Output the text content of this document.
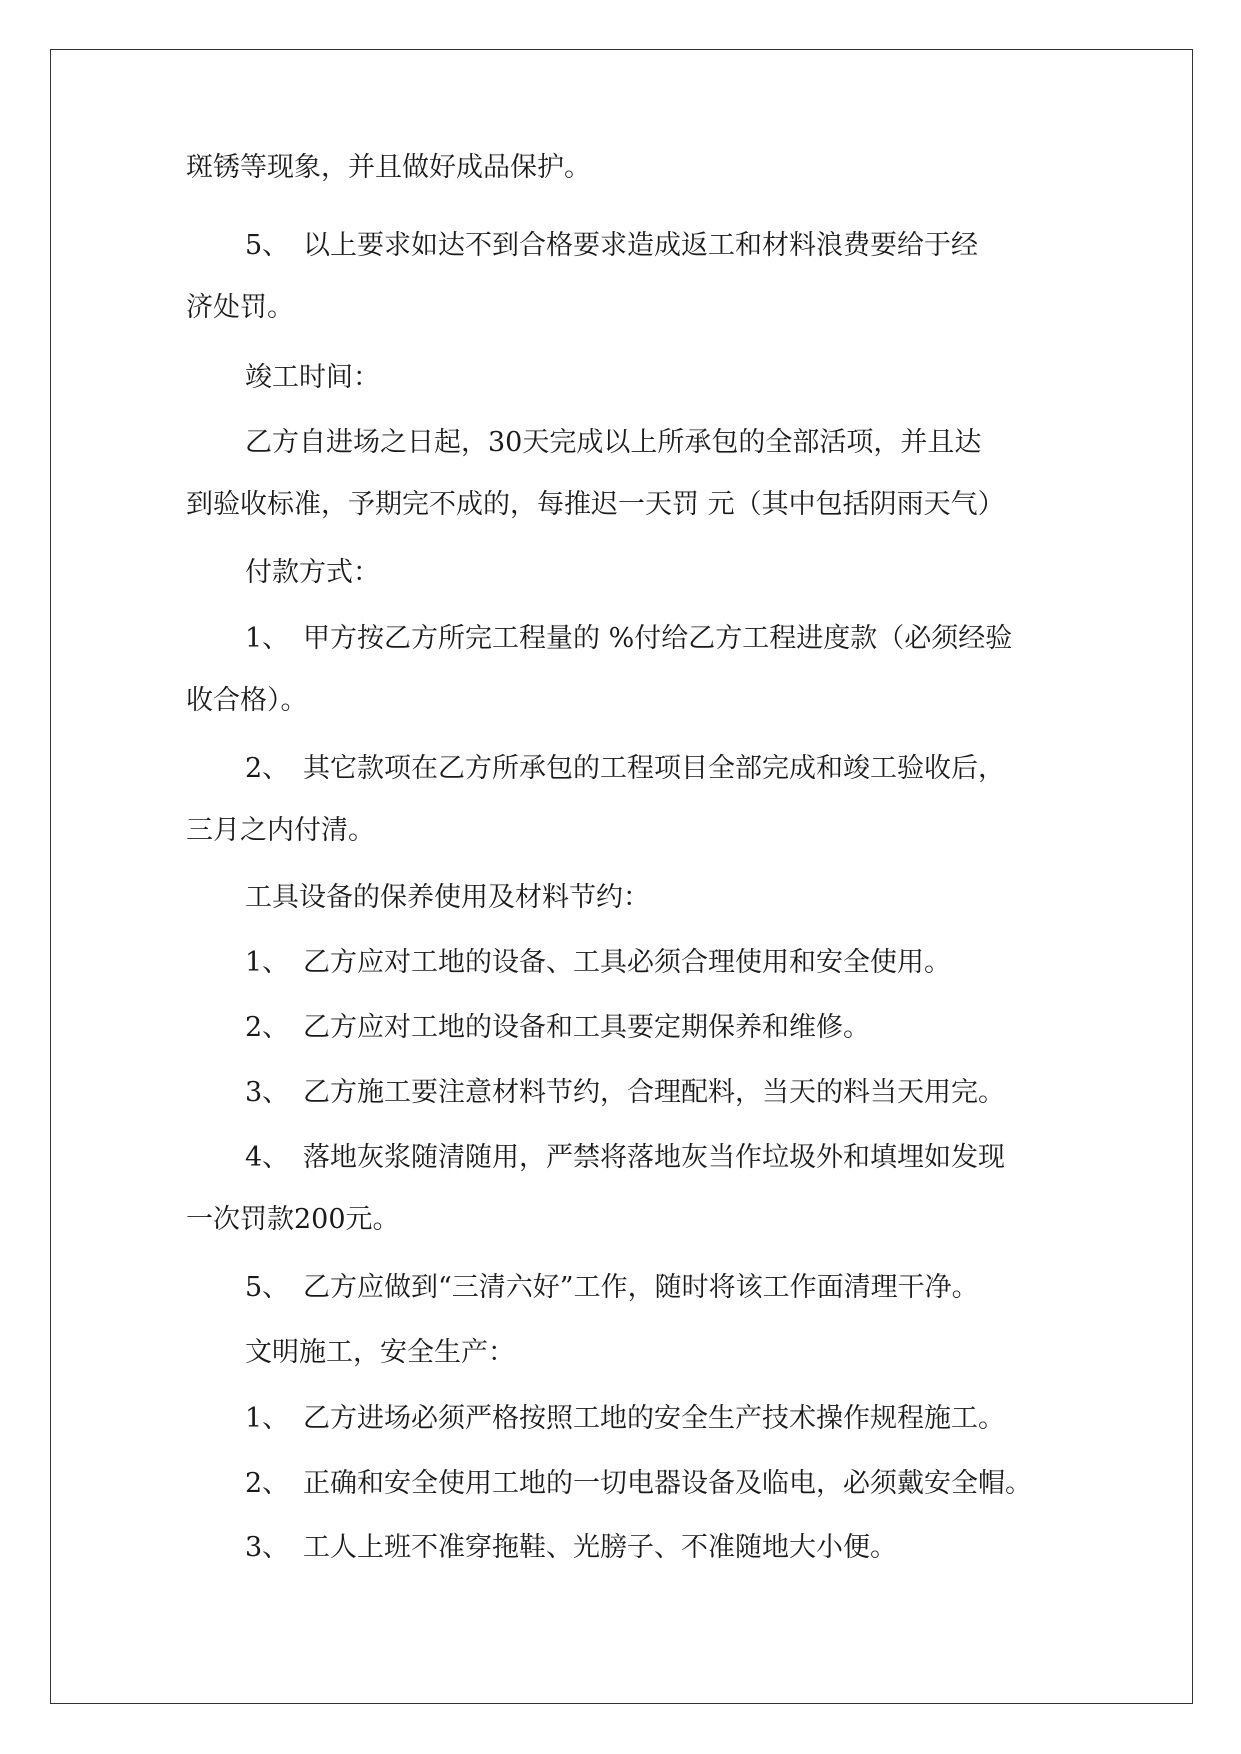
斑锈等现象，并且做好成品保护。
5、 以上要求如达不到合格要求造成返工和材料浪费要给于经
济处罚。
竣工时间：
乙方自进场之日起，30天完成以上所承包的全部活项，并且达
到验收标准，予期完不成的，每推迟一天罚 元（其中包括阴雨天气）
付款方式：
1、 甲方按乙方所完工程量的 %付给乙方工程进度款（必须经验
收合格）。
2、 其它款项在乙方所承包的工程项目全部完成和竣工验收后，
三月之内付清。
工具设备的保养使用及材料节约：
1、 乙方应对工地的设备、工具必须合理使用和安全使用。
2、 乙方应对工地的设备和工具要定期保养和维修。
3、 乙方施工要注意材料节约，合理配料，当天的料当天用完。
4、 落地灰浆随清随用，严禁将落地灰当作垃圾外和填埋如发现
一次罚款200元。
5、 乙方应做到“三清六好”工作，随时将该工作面清理干净。
文明施工，安全生产：
1、 乙方进场必须严格按照工地的安全生产技术操作规程施工。
2、 正确和安全使用工地的一切电器设备及临电，必须戴安全帽。
3、 工人上班不准穿拖鞋、光膀子、不准随地大小便。
